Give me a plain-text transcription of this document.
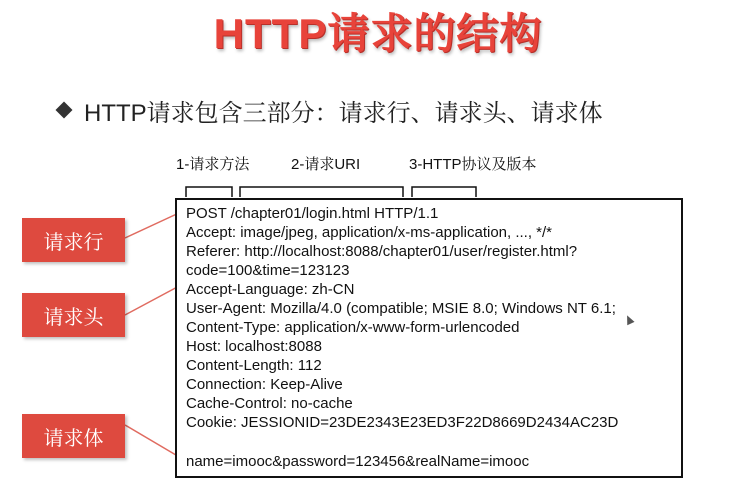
HTTP请求的结构
HTTP请求包含三部分：请求行、请求头、请求体
1-请求方法	2-请求URI	3-HTTP协议及版本
POST /chapter01/login.html HTTP/1.1
Accept: image/jpeg, application/x-ms-application, ..., */*
Referer: http://localhost:8088/chapter01/user/register.html?
code=100&time=123123
Accept-Language: zh-CN
User-Agent: Mozilla/4.0 (compatible; MSIE 8.0; Windows NT 6.1;
Content-Type: application/x-www-form-urlencoded
Host: localhost:8088
Content-Length: 112
Connection: Keep-Alive
Cache-Control: no-cache
Cookie: JESSIONID=23DE2343E23ED3F22D8669D2434AC23D
name=imooc&password=123456&realName=imooc
请求行
请求头
请求体
